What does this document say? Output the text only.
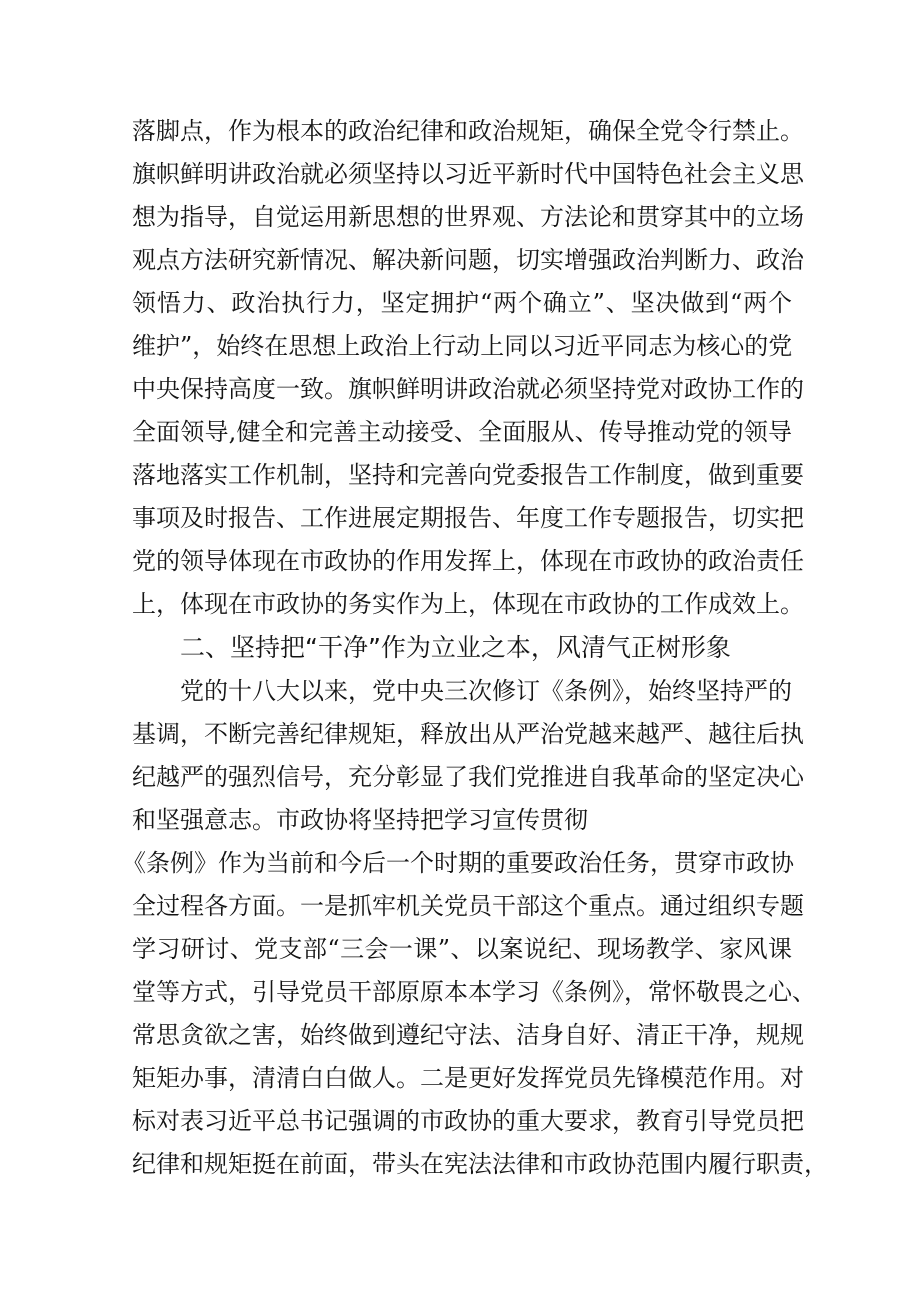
落脚点，作为根本的政治纪律和政治规矩，确保全党令行禁止。
旗帜鲜明讲政治就必须坚持以习近平新时代中国特色社会主义思
想为指导，自觉运用新思想的世界观、方法论和贯穿其中的立场
观点方法研究新情况、解决新问题，切实增强政治判断力、政治
领悟力、政治执行力，坚定拥护“两个确立”、坚决做到“两个
维护”，始终在思想上政治上行动上同以习近平同志为核心的党
中央保持高度一致。旗帜鲜明讲政治就必须坚持党对政协工作的
全面领导,健全和完善主动接受、全面服从、传导推动党的领导
落地落实工作机制，坚持和完善向党委报告工作制度，做到重要
事项及时报告、工作进展定期报告、年度工作专题报告，切实把
党的领导体现在市政协的作用发挥上，体现在市政协的政治责任
上，体现在市政协的务实作为上，体现在市政协的工作成效上。
二、坚持把“干净”作为立业之本，风清气正树形象
党的十八大以来，党中央三次修订《条例》，始终坚持严的
基调，不断完善纪律规矩，释放出从严治党越来越严、越往后执
纪越严的强烈信号，充分彰显了我们党推进自我革命的坚定决心
和坚强意志。市政协将坚持把学习宣传贯彻
《条例》作为当前和今后一个时期的重要政治任务，贯穿市政协
全过程各方面。一是抓牢机关党员干部这个重点。通过组织专题
学习研讨、党支部“三会一课”、以案说纪、现场教学、家风课
堂等方式，引导党员干部原原本本学习《条例》，常怀敬畏之心、
常思贪欲之害，始终做到遵纪守法、洁身自好、清正干净，规规
矩矩办事，清清白白做人。二是更好发挥党员先锋模范作用。对
标对表习近平总书记强调的市政协的重大要求，教育引导党员把
纪律和规矩挺在前面，带头在宪法法律和市政协范围内履行职责，
